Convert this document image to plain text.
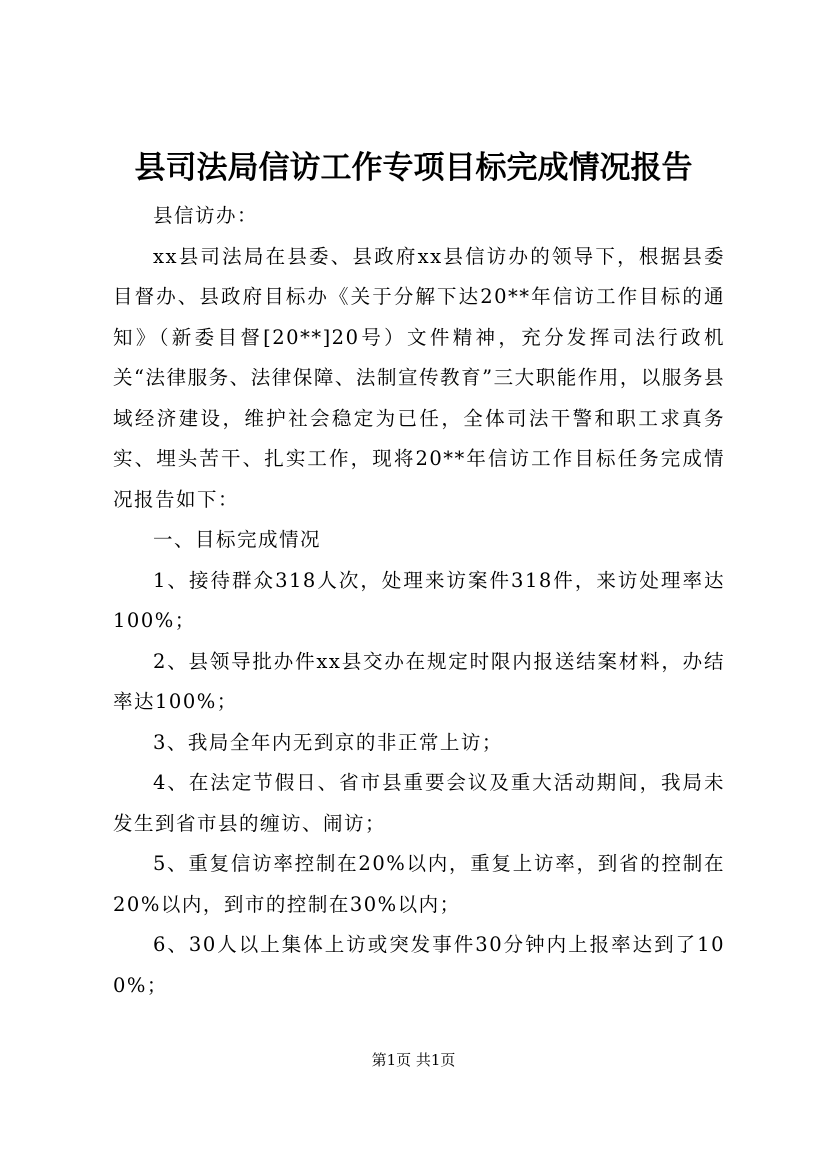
县司法局信访工作专项目标完成情况报告

县信访办：

xx县司法局在县委、县政府xx县信访办的领导下，根据县委目督办、县政府目标办《关于分解下达20**年信访工作目标的通知》（新委目督[20**]20号）文件精神，充分发挥司法行政机关“法律服务、法律保障、法制宣传教育”三大职能作用，以服务县域经济建设，维护社会稳定为已任，全体司法干警和职工求真务实、埋头苦干、扎实工作，现将20**年信访工作目标任务完成情况报告如下：

一、目标完成情况

1、接待群众318人次，处理来访案件318件，来访处理率达100%；

2、县领导批办件xx县交办在规定时限内报送结案材料，办结率达100%；

3、我局全年内无到京的非正常上访；

4、在法定节假日、省市县重要会议及重大活动期间，我局未发生到省市县的缠访、闹访；

5、重复信访率控制在20%以内，重复上访率，到省的控制在20%以内，到市的控制在30%以内；

6、30人以上集体上访或突发事件30分钟内上报率达到了100%；

第1页 共1页
